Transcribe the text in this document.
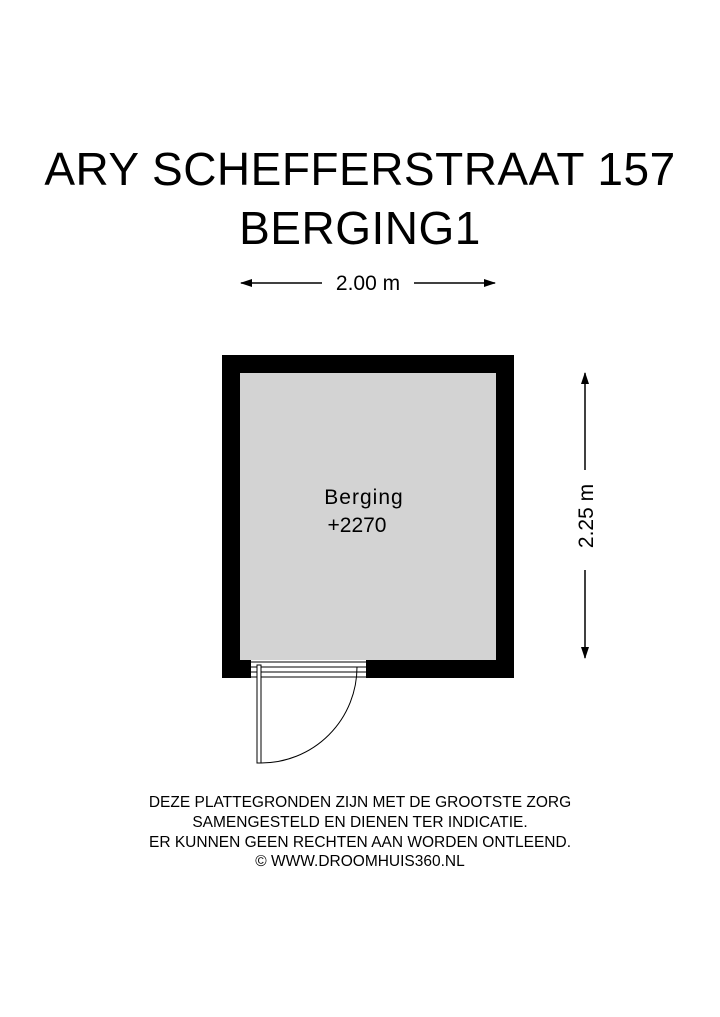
ARY SCHEFFERSTRAAT 157
BERGING1
2.00 m
2.25 m
Berging
+2270
DEZE PLATTEGRONDEN ZIJN MET DE GROOTSTE ZORG
SAMENGESTELD EN DIENEN TER INDICATIE.
ER KUNNEN GEEN RECHTEN AAN WORDEN ONTLEEND.
© WWW.DROOMHUIS360.NL
